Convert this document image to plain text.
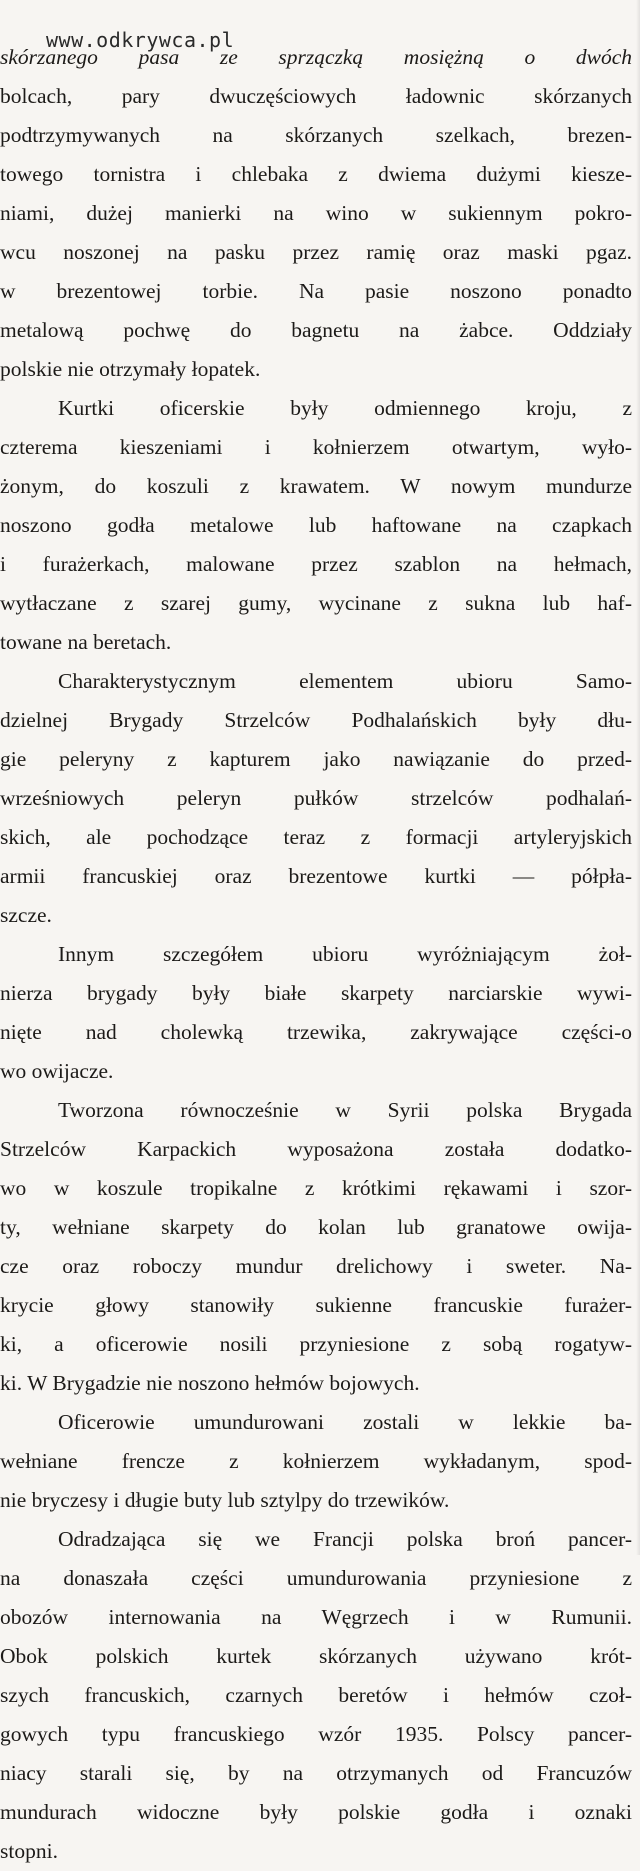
www.odkrywca.pl
skórzanego pasa ze sprzączką mosiężną o dwóch
bolcach, pary dwuczęściowych ładownic skórzanych
podtrzymywanych na skórzanych szelkach, brezen-
towego tornistra i chlebaka z dwiema dużymi kiesze-
niami, dużej manierki na wino w sukiennym pokro-
wcu noszonej na pasku przez ramię oraz maski pgaz.
w brezentowej torbie. Na pasie noszono ponadto
metalową pochwę do bagnetu na żabce. Oddziały
polskie nie otrzymały łopatek.
Kurtki oficerskie były odmiennego kroju, z
czterema kieszeniami i kołnierzem otwartym, wyło-
żonym, do koszuli z krawatem. W nowym mundurze
noszono godła metalowe lub haftowane na czapkach
i furażerkach, malowane przez szablon na hełmach,
wytłaczane z szarej gumy, wycinane z sukna lub haf-
towane na beretach.
Charakterystycznym elementem ubioru Samo-
dzielnej Brygady Strzelców Podhalańskich były dłu-
gie peleryny z kapturem jako nawiązanie do przed-
wrześniowych peleryn pułków strzelców podhalań-
skich, ale pochodzące teraz z formacji artyleryjskich
armii francuskiej oraz brezentowe kurtki — półpła-
szcze.
Innym szczegółem ubioru wyróżniającym żoł-
nierza brygady były białe skarpety narciarskie wywi-
nięte nad cholewką trzewika, zakrywające części-o
wo owijacze.
Tworzona równocześnie w Syrii polska Brygada
Strzelców Karpackich wyposażona została dodatko-
wo w koszule tropikalne z krótkimi rękawami i szor-
ty, wełniane skarpety do kolan lub granatowe owija-
cze oraz roboczy mundur drelichowy i sweter. Na-
krycie głowy stanowiły sukienne francuskie furażer-
ki, a oficerowie nosili przyniesione z sobą rogatyw-
ki. W Brygadzie nie noszono hełmów bojowych.
Oficerowie umundurowani zostali w lekkie ba-
wełniane frencze z kołnierzem wykładanym, spod-
nie bryczesy i długie buty lub sztylpy do trzewików.
Odradzająca się we Francji polska broń pancer-
na donaszała części umundurowania przyniesione z
obozów internowania na Węgrzech i w Rumunii.
Obok polskich kurtek skórzanych używano krót-
szych francuskich, czarnych beretów i hełmów czoł-
gowych typu francuskiego wzór 1935. Polscy pancer-
niacy starali się, by na otrzymanych od Francuzów
mundurach widoczne były polskie godła i oznaki
stopni.
